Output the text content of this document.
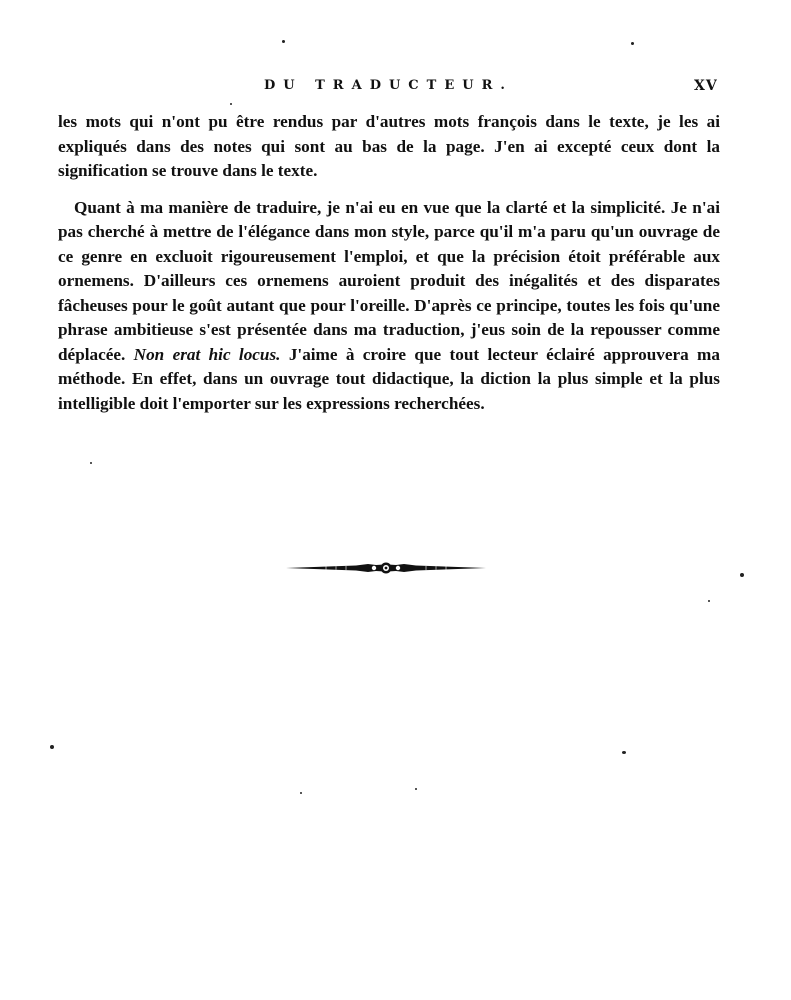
DU TRADUCTEUR.	XV

les mots qui n'ont pu être rendus par d'autres mots françois dans le texte, je les ai expliqués dans des notes qui sont au bas de la page. J'en ai excepté ceux dont la signification se trouve dans le texte.

Quant à ma manière de traduire, je n'ai eu en vue que la clarté et la simplicité. Je n'ai pas cherché à mettre de l'élégance dans mon style, parce qu'il m'a paru qu'un ouvrage de ce genre en excluoit rigoureusement l'emploi, et que la précision étoit préférable aux ornemens. D'ailleurs ces ornemens auroient produit des inégalités et des disparates fâcheuses pour le goût autant que pour l'oreille. D'après ce principe, toutes les fois qu'une phrase ambitieuse s'est présentée dans ma traduction, j'eus soin de la repousser comme déplacée. Non erat hic locus. J'aime à croire que tout lecteur éclairé approuvera ma méthode. En effet, dans un ouvrage tout didactique, la diction la plus simple et la plus intelligible doit l'emporter sur les expressions recherchées.
